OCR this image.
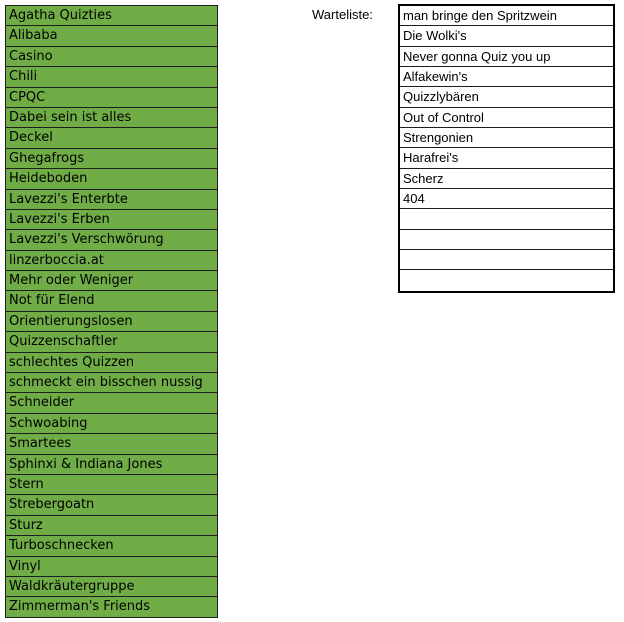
Agatha Quizties
Alibaba
Casino
Chili
CPQC
Dabei sein ist alles
Deckel
Ghegafrogs
Heideboden
Lavezzi's Enterbte
Lavezzi's Erben
Lavezzi's Verschwörung
linzerboccia.at
Mehr oder Weniger
Not für Elend
Orientierungslosen
Quizzenschaftler
schlechtes Quizzen
schmeckt ein bisschen nussig
Schneider
Schwoabing
Smartees
Sphinxi & Indiana Jones
Stern
Strebergoatn
Sturz
Turboschnecken
Vinyl
Waldkräutergruppe
Zimmerman's Friends
Warteliste: man bringe den Spritzwein
Die Wolki's
Never gonna Quiz you up
Alfakewin's
Quizzlybären
Out of Control
Strengonien
Harafrei's
Scherz
404
